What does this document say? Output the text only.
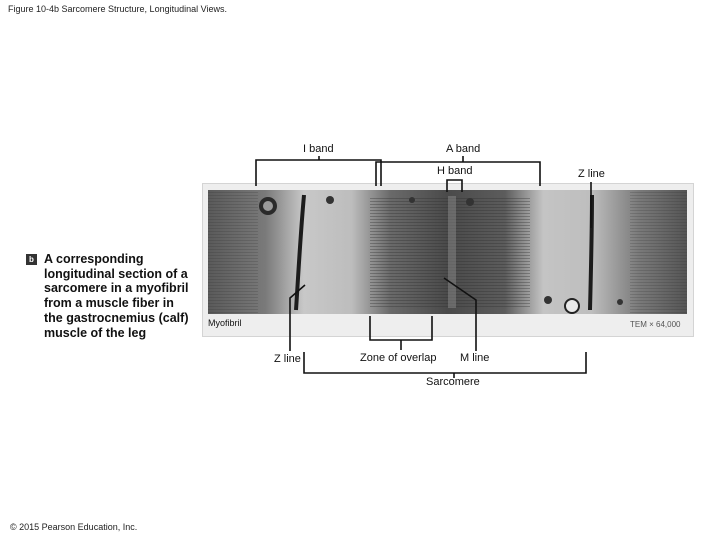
Figure 10-4b Sarcomere Structure, Longitudinal Views.
b A corresponding longitudinal section of a sarcomere in a myofibril from a muscle fiber in the gastrocnemius (calf) muscle of the leg
I band	A band
H band	Z line
Z line	Zone of overlap M line
Sarcomere
Myofibril	TEM × 64,000
© 2015 Pearson Education, Inc.
